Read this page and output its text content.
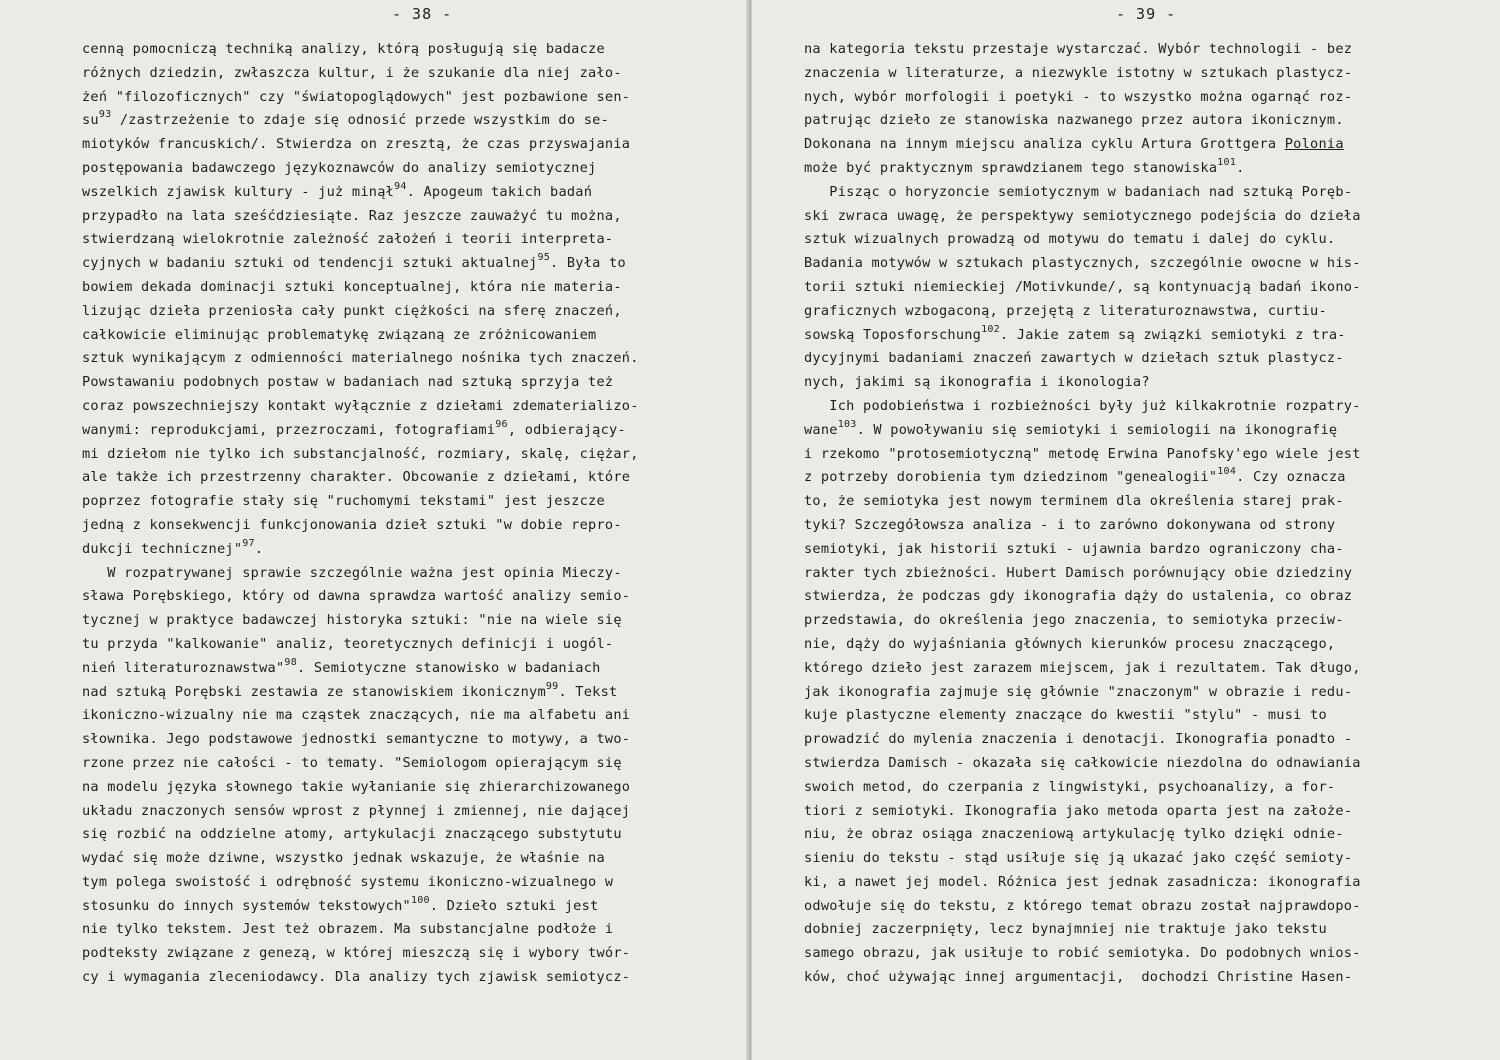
- 38 -
cenną pomocniczą techniką analizy, którą posługują się badacze
różnych dziedzin, zwłaszcza kultur, i że szukanie dla niej zało-
żeń "filozoficznych" czy "światopoglądowych" jest pozbawione sen-
$su^{93}$ /zastrzeżenie to zdaje się odnosić przede wszystkim do se-
miotyków francuskich/. Stwierdza on zresztą, że czas przyswajania
postępowania badawczego językoznawców do analizy semiotycznej
wszelkich zjawisk kultury - już minął$^{94}$. Apogeum takich badań
przypadło na lata sześćdziesiąte. Raz jeszcze zauważyć tu można,
stwierdzaną wielokrotnie zależność założeń i teorii interpreta-
cyjnych w badaniu sztuki od tendencji sztuki aktualnej$^{95}$. Była to
bowiem dekada dominacji sztuki konceptualnej, która nie materia-
lizując dzieła przeniosła cały punkt ciężkości na sferę znaczeń,
całkowicie eliminując problematykę związaną ze zróżnicowaniem
sztuk wynikającym z odmienności materialnego nośnika tych znaczeń.
Powstawaniu podobnych postaw w badaniach nad sztuką sprzyja też
coraz powszechniejszy kontakt wyłącznie z dziełami zdematerializo-
wanymi: reprodukcjami, przezroczami, fotografiami$^{96}$, odbierający-
mi dziełom nie tylko ich substancjalność, rozmiary, skalę, ciężar,
ale także ich przestrzenny charakter. Obcowanie z dziełami, które
poprzez fotografie stały się "ruchomymi tekstami" jest jeszcze
jedną z konsekwencji funkcjonowania dzieł sztuki "w dobie repro-
dukcji technicznej"$^{97}$.
W rozpatrywanej sprawie szczególnie ważna jest opinia Mieczy-
sława Porębskiego, który od dawna sprawdza wartość analizy semio-
tycznej w praktyce badawczej historyka sztuki: "nie na wiele się
tu przyda "kalkowanie" analiz, teoretycznych definicji i uogól-
nień literaturoznawstwa"$^{98}$. Semiotyczne stanowisko w badaniach
nad sztuką Porębski zestawia ze stanowiskiem ikonicznym$^{99}$. Tekst
ikoniczno-wizualny nie ma cząstek znaczących, nie ma alfabetu ani
słownika. Jego podstawowe jednostki semantyczne to motywy, a two-
rzone przez nie całości - to tematy. "Semiologom opierającym się
na modelu języka słownego takie wyłanianie się zhierarchizowanego
układu znaczonych sensów wprost z płynnej i zmiennej, nie dającej
się rozbić na oddzielne atomy, artykulacji znaczącego substytutu
wydać się może dziwne, wszystko jednak wskazuje, że właśnie na
tym polega swoistość i odrębność systemu ikoniczno-wizualnego w
stosunku do innych systemów tekstowych"$^{100}$. Dzieło sztuki jest
nie tylko tekstem. Jest też obrazem. Ma substancjalne podłoże i
podteksty związane z genezą, w której mieszczą się i wybory twór-
cy i wymagania zleceniodawcy. Dla analizy tych zjawisk semiotycz-
- 39 -
na kategoria tekstu przestaje wystarczać. Wybór technologii - bez
znaczenia w literaturze, a niezwykle istotny w sztukach plastycz-
nych, wybór morfologii i poetyki - to wszystko można ogarnąć roz-
patrując dzieło ze stanowiska nazwanego przez autora ikonicznym.
Dokonana na innym miejscu analiza cyklu Artura Grottgera Polonia
może być praktycznym sprawdzianem tego stanowiska$^{101}$.
Pisząc o horyzoncie semiotycznym w badaniach nad sztuką Poręb-
ski zwraca uwagę, że perspektywy semiotycznego podejścia do dzieła
sztuk wizualnych prowadzą od motywu do tematu i dalej do cyklu.
Badania motywów w sztukach plastycznych, szczególnie owocne w his-
torii sztuki niemieckiej /Motivkunde/, są kontynuacją badań ikono-
graficznych wzbogaconą, przejętą z literaturoznawstwa, curtiu-
sowską Toposforschung$^{102}$. Jakie zatem są związki semiotyki z tra-
dycyjnymi badaniami znaczeń zawartych w dziełach sztuk plastycz-
nych, jakimi są ikonografia i ikonologia?
Ich podobieństwa i rozbieżności były już kilkakrotnie rozpatry-
wane$^{103}$. W powoływaniu się semiotyki i semiologii na ikonografię
i rzekomo "protosemiotyczną" metodę Erwina Panofsky'ego wiele jest
z potrzeby dorobienia tym dziedzinom "genealogii"$^{104}$. Czy oznacza
to, że semiotyka jest nowym terminem dla określenia starej prak-
tyki? Szczegółowsza analiza - i to zarówno dokonywana od strony
semiotyki, jak historii sztuki - ujawnia bardzo ograniczony cha-
rakter tych zbieżności. Hubert Damisch porównujący obie dziedziny
stwierdza, że podczas gdy ikonografia dąży do ustalenia, co obraz
przedstawia, do określenia jego znaczenia, to semiotyka przeciw-
nie, dąży do wyjaśniania głównych kierunków procesu znaczącego,
którego dzieło jest zarazem miejscem, jak i rezultatem. Tak długo,
jak ikonografia zajmuje się głównie "znaczonym" w obrazie i redu-
kuje plastyczne elementy znaczące do kwestii "stylu" - musi to
prowadzić do mylenia znaczenia i denotacji. Ikonografia ponadto -
stwierdza Damisch - okazała się całkowicie niezdolna do odnawiania
swoich metod, do czerpania z lingwistyki, psychoanalizy, a for-
tiori z semiotyki. Ikonografia jako metoda oparta jest na założe-
niu, że obraz osiąga znaczeniową artykulację tylko dzięki odnie-
sieniu do tekstu - stąd usiłuje się ją ukazać jako część semioty-
ki, a nawet jej model. Różnica jest jednak zasadnicza: ikonografia
odwołuje się do tekstu, z którego temat obrazu został najprawdopo-
dobniej zaczerpnięty, lecz bynajmniej nie traktuje jako tekstu
samego obrazu, jak usiłuje to robić semiotyka. Do podobnych wnios-
ków, choć używając innej argumentacji,  dochodzi Christine Hasen-
